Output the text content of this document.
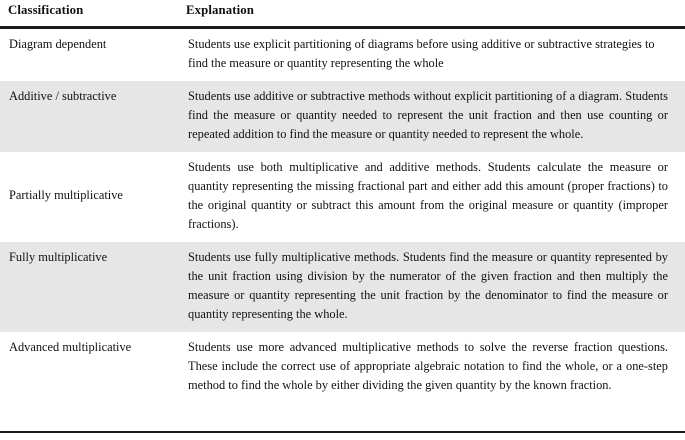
Classification	Explanation

Diagram dependent	Students use explicit partitioning of diagrams before using additive or subtractive strategies to find the measure or quantity representing the whole
Additive / subtractive	Students use additive or subtractive methods without explicit partitioning of a diagram. Students find the measure or quantity needed to represent the unit fraction and then use counting or repeated addition to find the measure or quantity needed to represent the whole.
Partially multiplicative	Students use both multiplicative and additive methods. Students calculate the measure or quantity representing the missing fractional part and either add this amount (proper fractions) to the original quantity or subtract this amount from the original measure or quantity (improper fractions).
Fully multiplicative	Students use fully multiplicative methods. Students find the measure or quantity represented by the unit fraction using division by the numerator of the given fraction and then multiply the measure or quantity representing the unit fraction by the denominator to find the measure or quantity representing the whole.
Advanced multiplicative	Students use more advanced multiplicative methods to solve the reverse fraction questions. These include the correct use of appropriate algebraic notation to find the whole, or a one-step method to find the whole by either dividing the given quantity by the known fraction.
